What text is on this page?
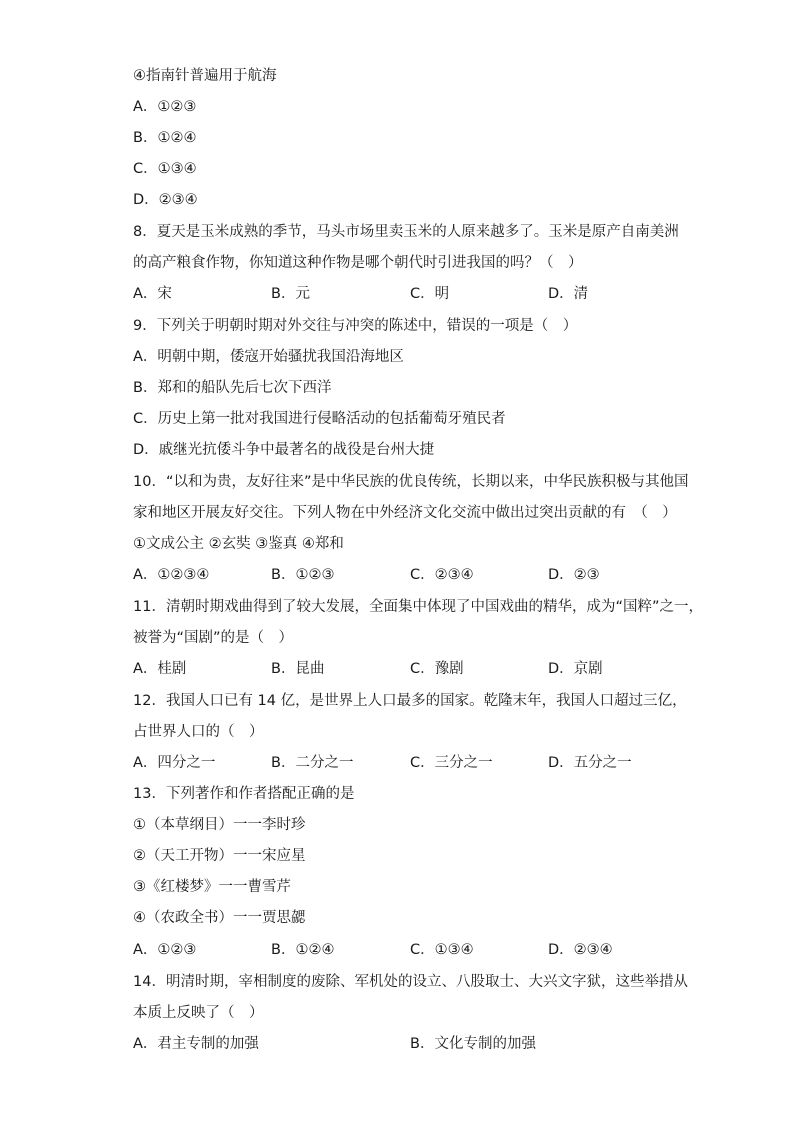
④指南针普遍用于航海
A．①②③
B．①②④
C．①③④
D．②③④
8．夏天是玉米成熟的季节，马头市场里卖玉米的人原来越多了。玉米是原产自南美洲
的高产粮食作物，你知道这种作物是哪个朝代时引进我国的吗？（　）
A．宋	B．元	C．明	D．清
9．下列关于明朝时期对外交往与冲突的陈述中，错误的一项是（　）
A．明朝中期，倭寇开始骚扰我国沿海地区
B．郑和的船队先后七次下西洋
C．历史上第一批对我国进行侵略活动的包括葡萄牙殖民者
D．戚继光抗倭斗争中最著名的战役是台州大捷
10．“以和为贵，友好往来”是中华民族的优良传统，长期以来，中华民族积极与其他国
家和地区开展友好交往。下列人物在中外经济文化交流中做出过突出贡献的有　（　）
①文成公主 ②玄奘 ③鉴真 ④郑和
A．①②③④	B．①②③	C．②③④	D．②③
11．清朝时期戏曲得到了较大发展，全面集中体现了中国戏曲的精华，成为“国粹”之一，
被誉为“国剧”的是（　）
A．桂剧	B．昆曲	C．豫剧	D．京剧
12．我国人口已有 14 亿，是世界上人口最多的国家。乾隆末年，我国人口超过三亿，
占世界人口的（　）
A．四分之一	B．二分之一	C．三分之一	D．五分之一
13．下列著作和作者搭配正确的是
①（本草纲目）一一李时珍
②（天工开物）一一宋应星
③《红楼梦》一一曹雪芹
④（农政全书）一一贾思勰
A．①②③	B．①②④	C．①③④	D．②③④
14．明清时期，宰相制度的废除、军机处的设立、八股取士、大兴文字狱，这些举措从
本质上反映了（　）
A．君主专制的加强	B．文化专制的加强
